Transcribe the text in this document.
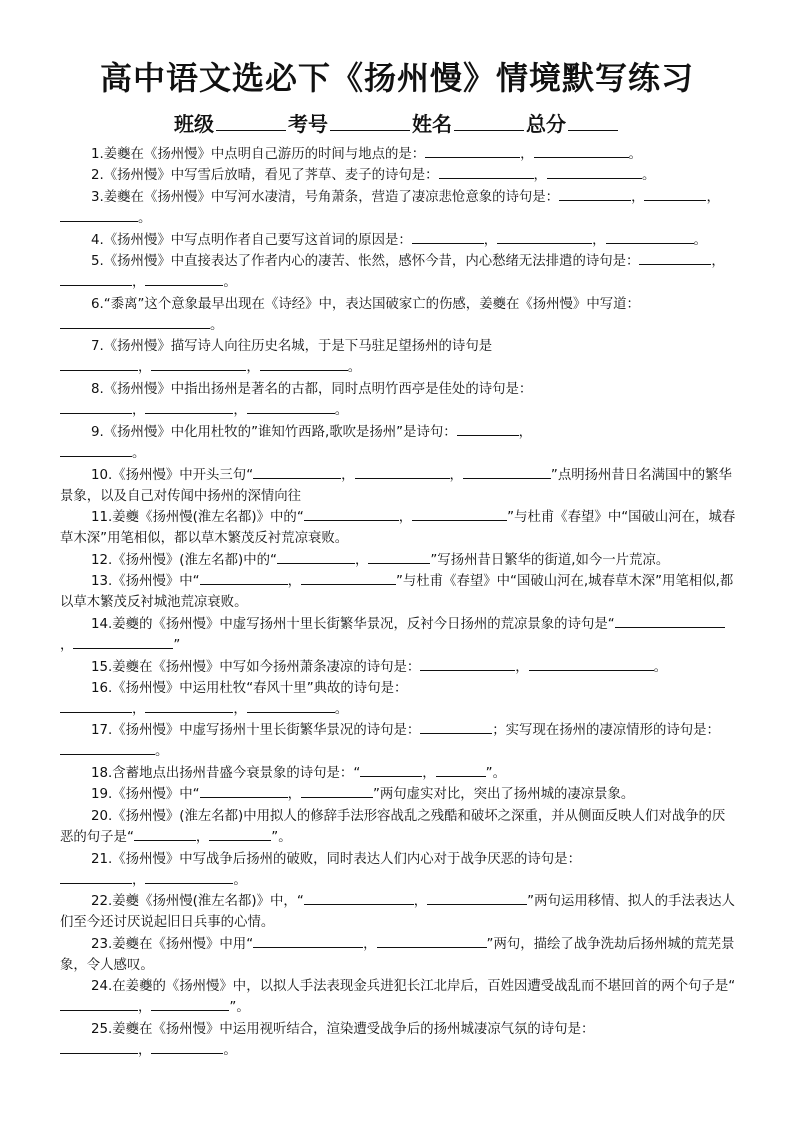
高中语文选必下《扬州慢》情境默写练习
班级	考号	姓名	总分

1.姜夔在《扬州慢》中点明自己游历的时间与地点的是：	，	。

2.《扬州慢》中写雪后放晴，看见了荠草、麦子的诗句是：	，	。

3.姜夔在《扬州慢》中写河水凄清，号角萧条，营造了凄凉悲怆意象的诗句是：	，	，。

4.《扬州慢》中写点明作者自己要写这首词的原因是：	，	，	。

5.《扬州慢》中直接表达了作者内心的凄苦、怅然，感怀今昔，内心愁绪无法排遣的诗句是：	，，	。

6.“黍离”这个意象最早出现在《诗经》中，表达国破家亡的伤感，姜夔在《扬州慢》中写道：。

7.《扬州慢》描写诗人向往历史名城，于是下马驻足望扬州的诗句是
，	，	。

8.《扬州慢》中指出扬州是著名的古都，同时点明竹西亭是佳处的诗句是：
，	，	。

9.《扬州慢》中化用杜牧的”谁知竹西路,歌吹是扬州”是诗句：	，
。

10.《扬州慢》中开头三句“	，	，	”点明扬州昔日名满国中的繁华景象，以及自己对传闻中扬州的深情向往

11.姜夔《扬州慢(淮左名都)》中的“	，	”与杜甫《春望》中“国破山河在，城春草木深”用笔相似，都以草木繁茂反衬荒凉衰败。

12.《扬州慢》(淮左名都)中的“	，	”写扬州昔日繁华的街道,如今一片荒凉。

13.《扬州慢》中“	，	”与杜甫《春望》中“国破山河在,城春草木深”用笔相似,都以草木繁茂反衬城池荒凉衰败。

14.姜夔的《扬州慢》中虚写扬州十里长街繁华景况，反衬今日扬州的荒凉景象的诗句是“，	”

15.姜夔在《扬州慢》中写如今扬州萧条凄凉的诗句是：	，	。

16.《扬州慢》中运用杜牧“春风十里”典故的诗句是：
，	，	。

17.《扬州慢》中虚写扬州十里长街繁华景况的诗句是：	；实写现在扬州的凄凉情形的诗句是：。

18.含蓄地点出扬州昔盛今衰景象的诗句是：“	，	”。

19.《扬州慢》中“	，	”两句虚实对比，突出了扬州城的凄凉景象。

20.《扬州慢》(淮左名都)中用拟人的修辞手法形容战乱之残酷和破坏之深重，并从侧面反映人们对战争的厌恶的句子是“	，	”。

21.《扬州慢》中写战争后扬州的破败，同时表达人们内心对于战争厌恶的诗句是：
，	。

22.姜夔《扬州慢(淮左名都)》中，“	，	”两句运用移情、拟人的手法表达人们至今还讨厌说起旧日兵事的心情。

23.姜夔在《扬州慢》中用“	，	”两句，描绘了战争洗劫后扬州城的荒芜景象，令人感叹。

24.在姜夔的《扬州慢》中，以拟人手法表现金兵进犯长江北岸后，百姓因遭受战乱而不堪回首的两个句子是“，	”。

25.姜夔在《扬州慢》中运用视听结合，渲染遭受战争后的扬州城凄凉气氛的诗句是：
，	。
